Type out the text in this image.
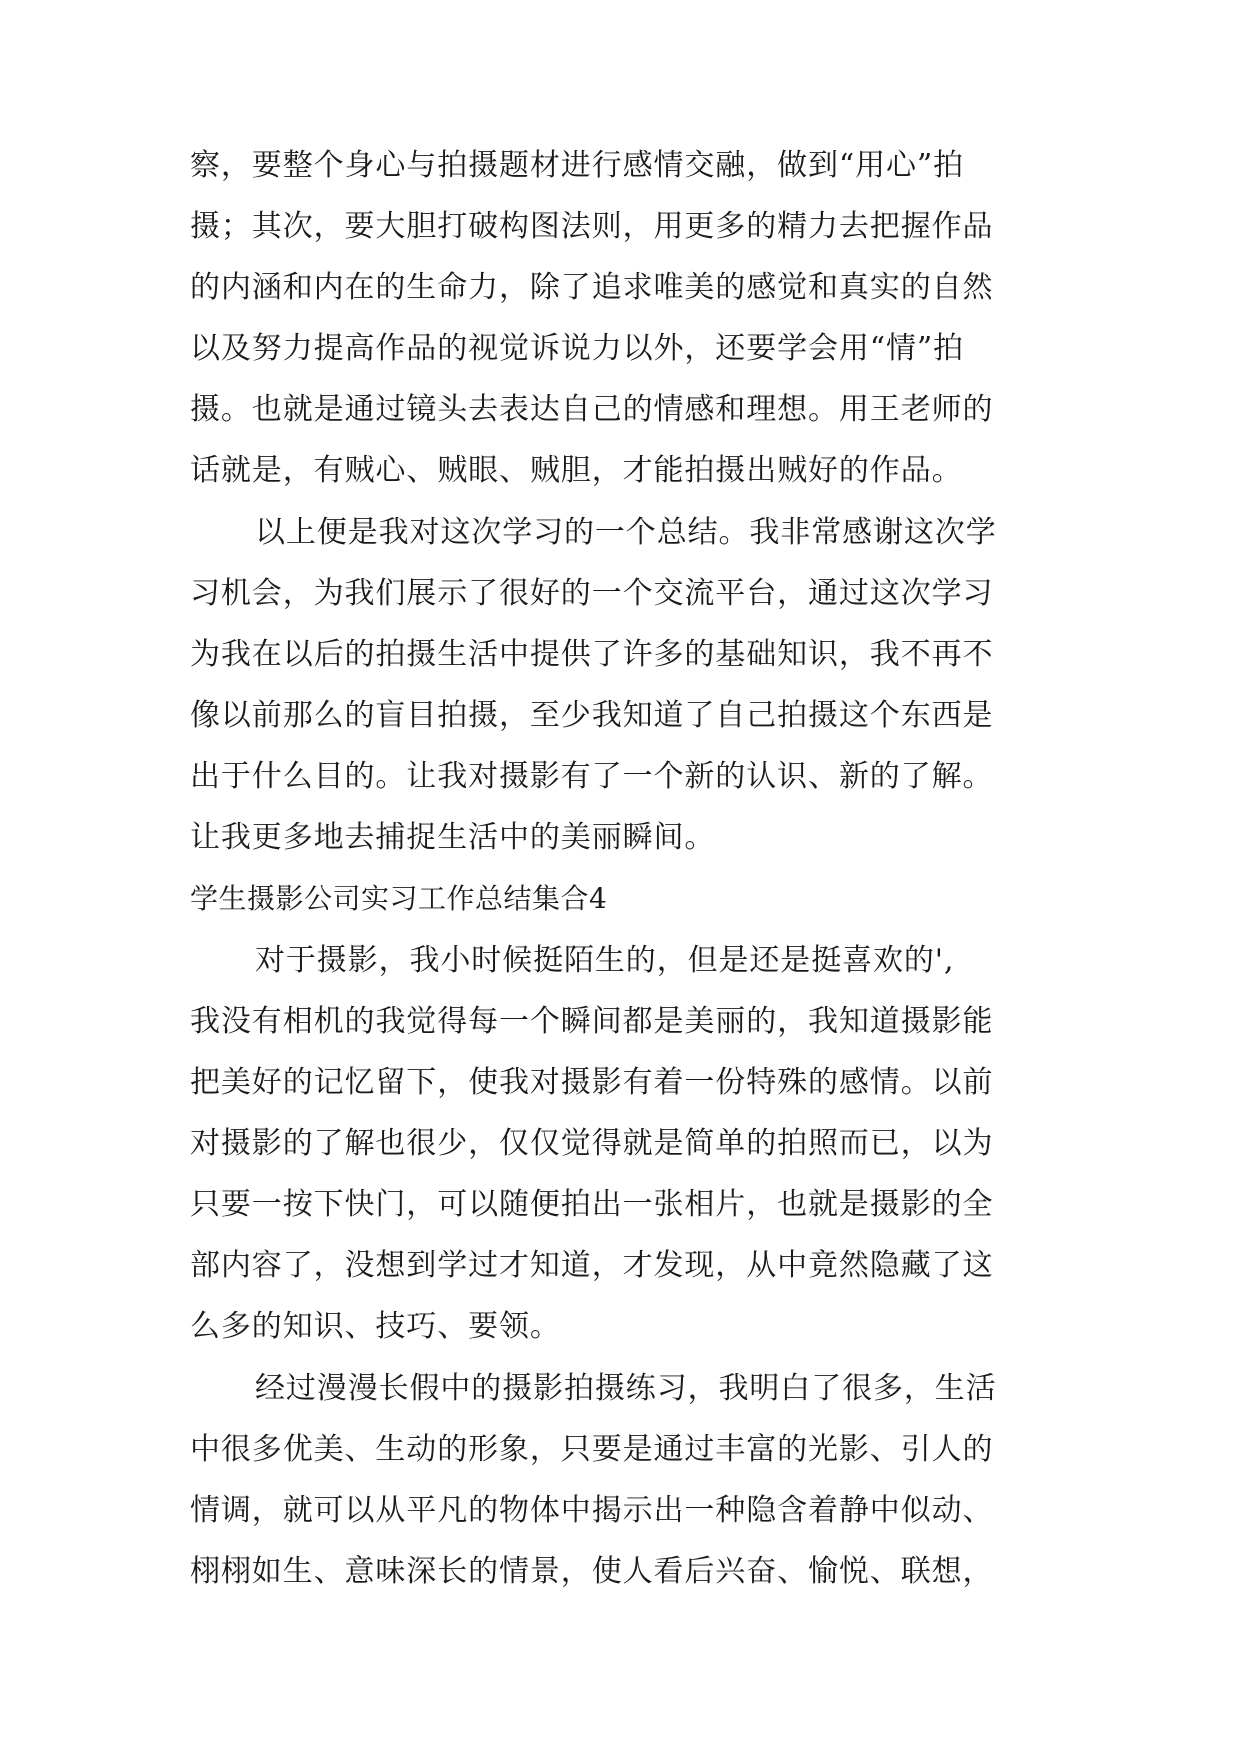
察，要整个身心与拍摄题材进行感情交融，做到“用心”拍
摄；其次，要大胆打破构图法则，用更多的精力去把握作品
的内涵和内在的生命力，除了追求唯美的感觉和真实的自然
以及努力提高作品的视觉诉说力以外，还要学会用“情”拍
摄。也就是通过镜头去表达自己的情感和理想。用王老师的
话就是，有贼心、贼眼、贼胆，才能拍摄出贼好的作品。
以上便是我对这次学习的一个总结。我非常感谢这次学
习机会，为我们展示了很好的一个交流平台，通过这次学习
为我在以后的拍摄生活中提供了许多的基础知识，我不再不
像以前那么的盲目拍摄，至少我知道了自己拍摄这个东西是
出于什么目的。让我对摄影有了一个新的认识、新的了解。
让我更多地去捕捉生活中的美丽瞬间。
学生摄影公司实习工作总结集合4
对于摄影，我小时候挺陌生的，但是还是挺喜欢的',
我没有相机的我觉得每一个瞬间都是美丽的，我知道摄影能
把美好的记忆留下，使我对摄影有着一份特殊的感情。以前
对摄影的了解也很少，仅仅觉得就是简单的拍照而已，以为
只要一按下快门，可以随便拍出一张相片，也就是摄影的全
部内容了，没想到学过才知道，才发现，从中竟然隐藏了这
么多的知识、技巧、要领。
经过漫漫长假中的摄影拍摄练习，我明白了很多，生活
中很多优美、生动的形象，只要是通过丰富的光影、引人的
情调，就可以从平凡的物体中揭示出一种隐含着静中似动、
栩栩如生、意味深长的情景，使人看后兴奋、愉悦、联想，
